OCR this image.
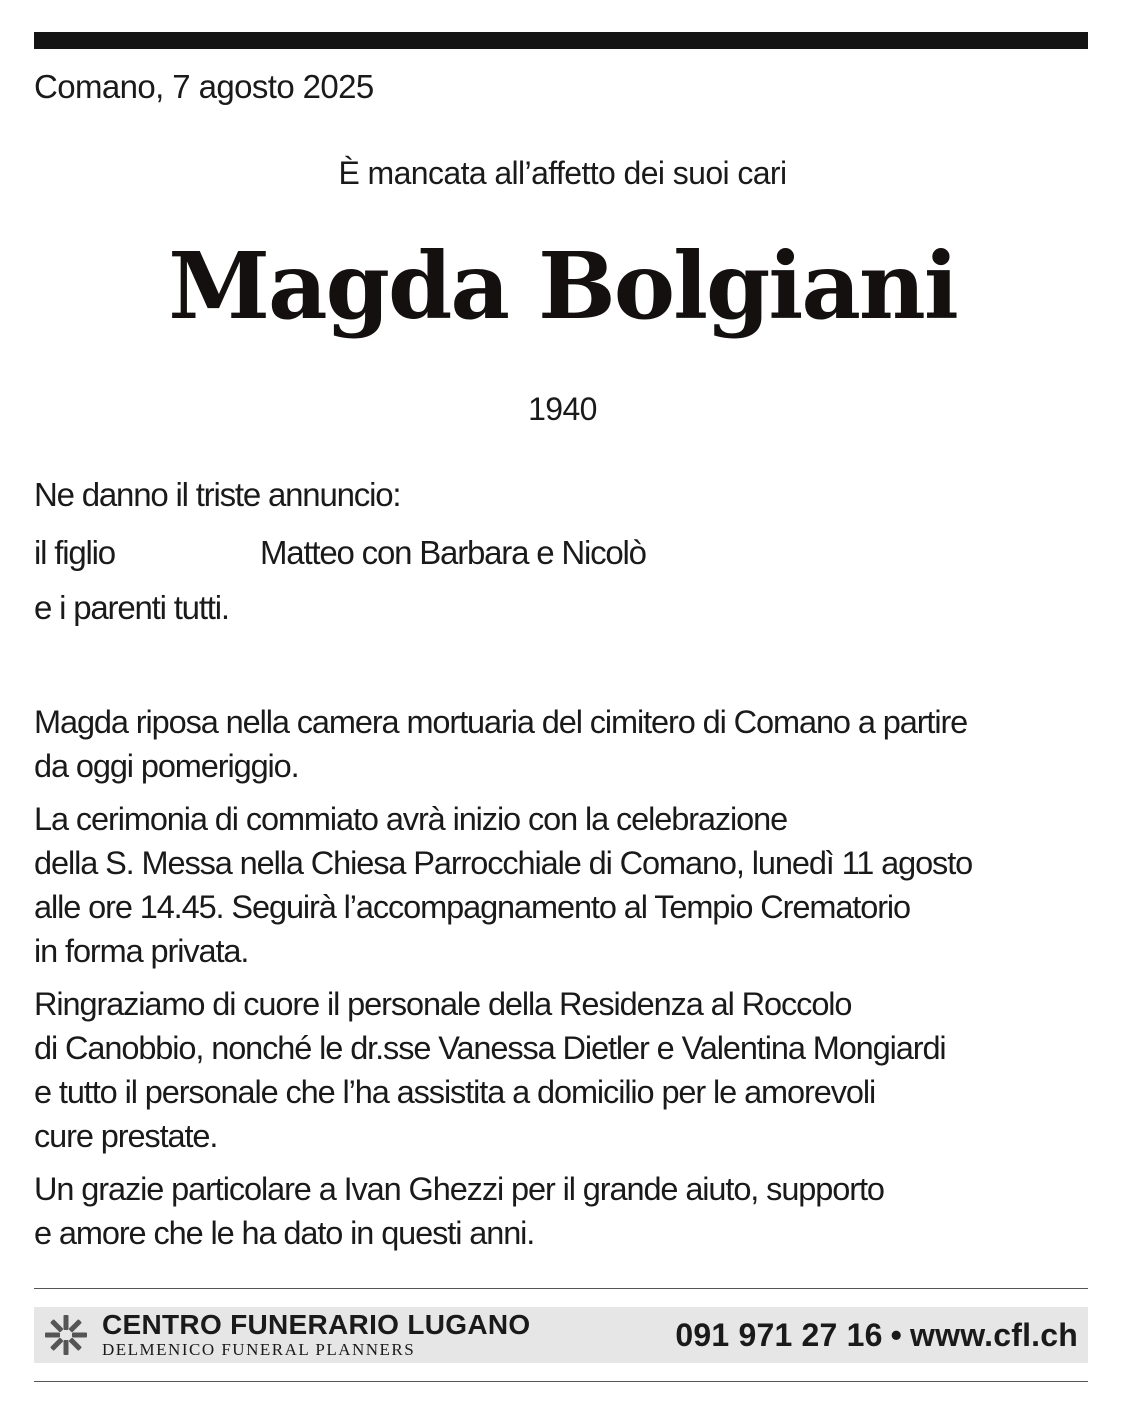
Comano, 7 agosto 2025
È mancata all’affetto dei suoi cari
Magda Bolgiani
1940
Ne danno il triste annuncio:
il figlio	Matteo con Barbara e Nicolò
e i parenti tutti.

Magda riposa nella camera mortuaria del cimitero di Comano a partire
da oggi pomeriggio.

La cerimonia di commiato avrà inizio con la celebrazione
della S. Messa nella Chiesa Parrocchiale di Comano, lunedì 11 agosto
alle ore 14.45. Seguirà l’accompagnamento al Tempio Crematorio
in forma privata.

Ringraziamo di cuore il personale della Residenza al Roccolo
di Canobbio, nonché le dr.sse Vanessa Dietler e Valentina Mongiardi
e tutto il personale che l’ha assistita a domicilio per le amorevoli
cure prestate.

Un grazie particolare a Ivan Ghezzi per il grande aiuto, supporto
e amore che le ha dato in questi anni.

CENTRO FUNERARIO LUGANO
DELMENICO FUNERAL PLANNERS	091 971 27 16 • www.cfl.ch
